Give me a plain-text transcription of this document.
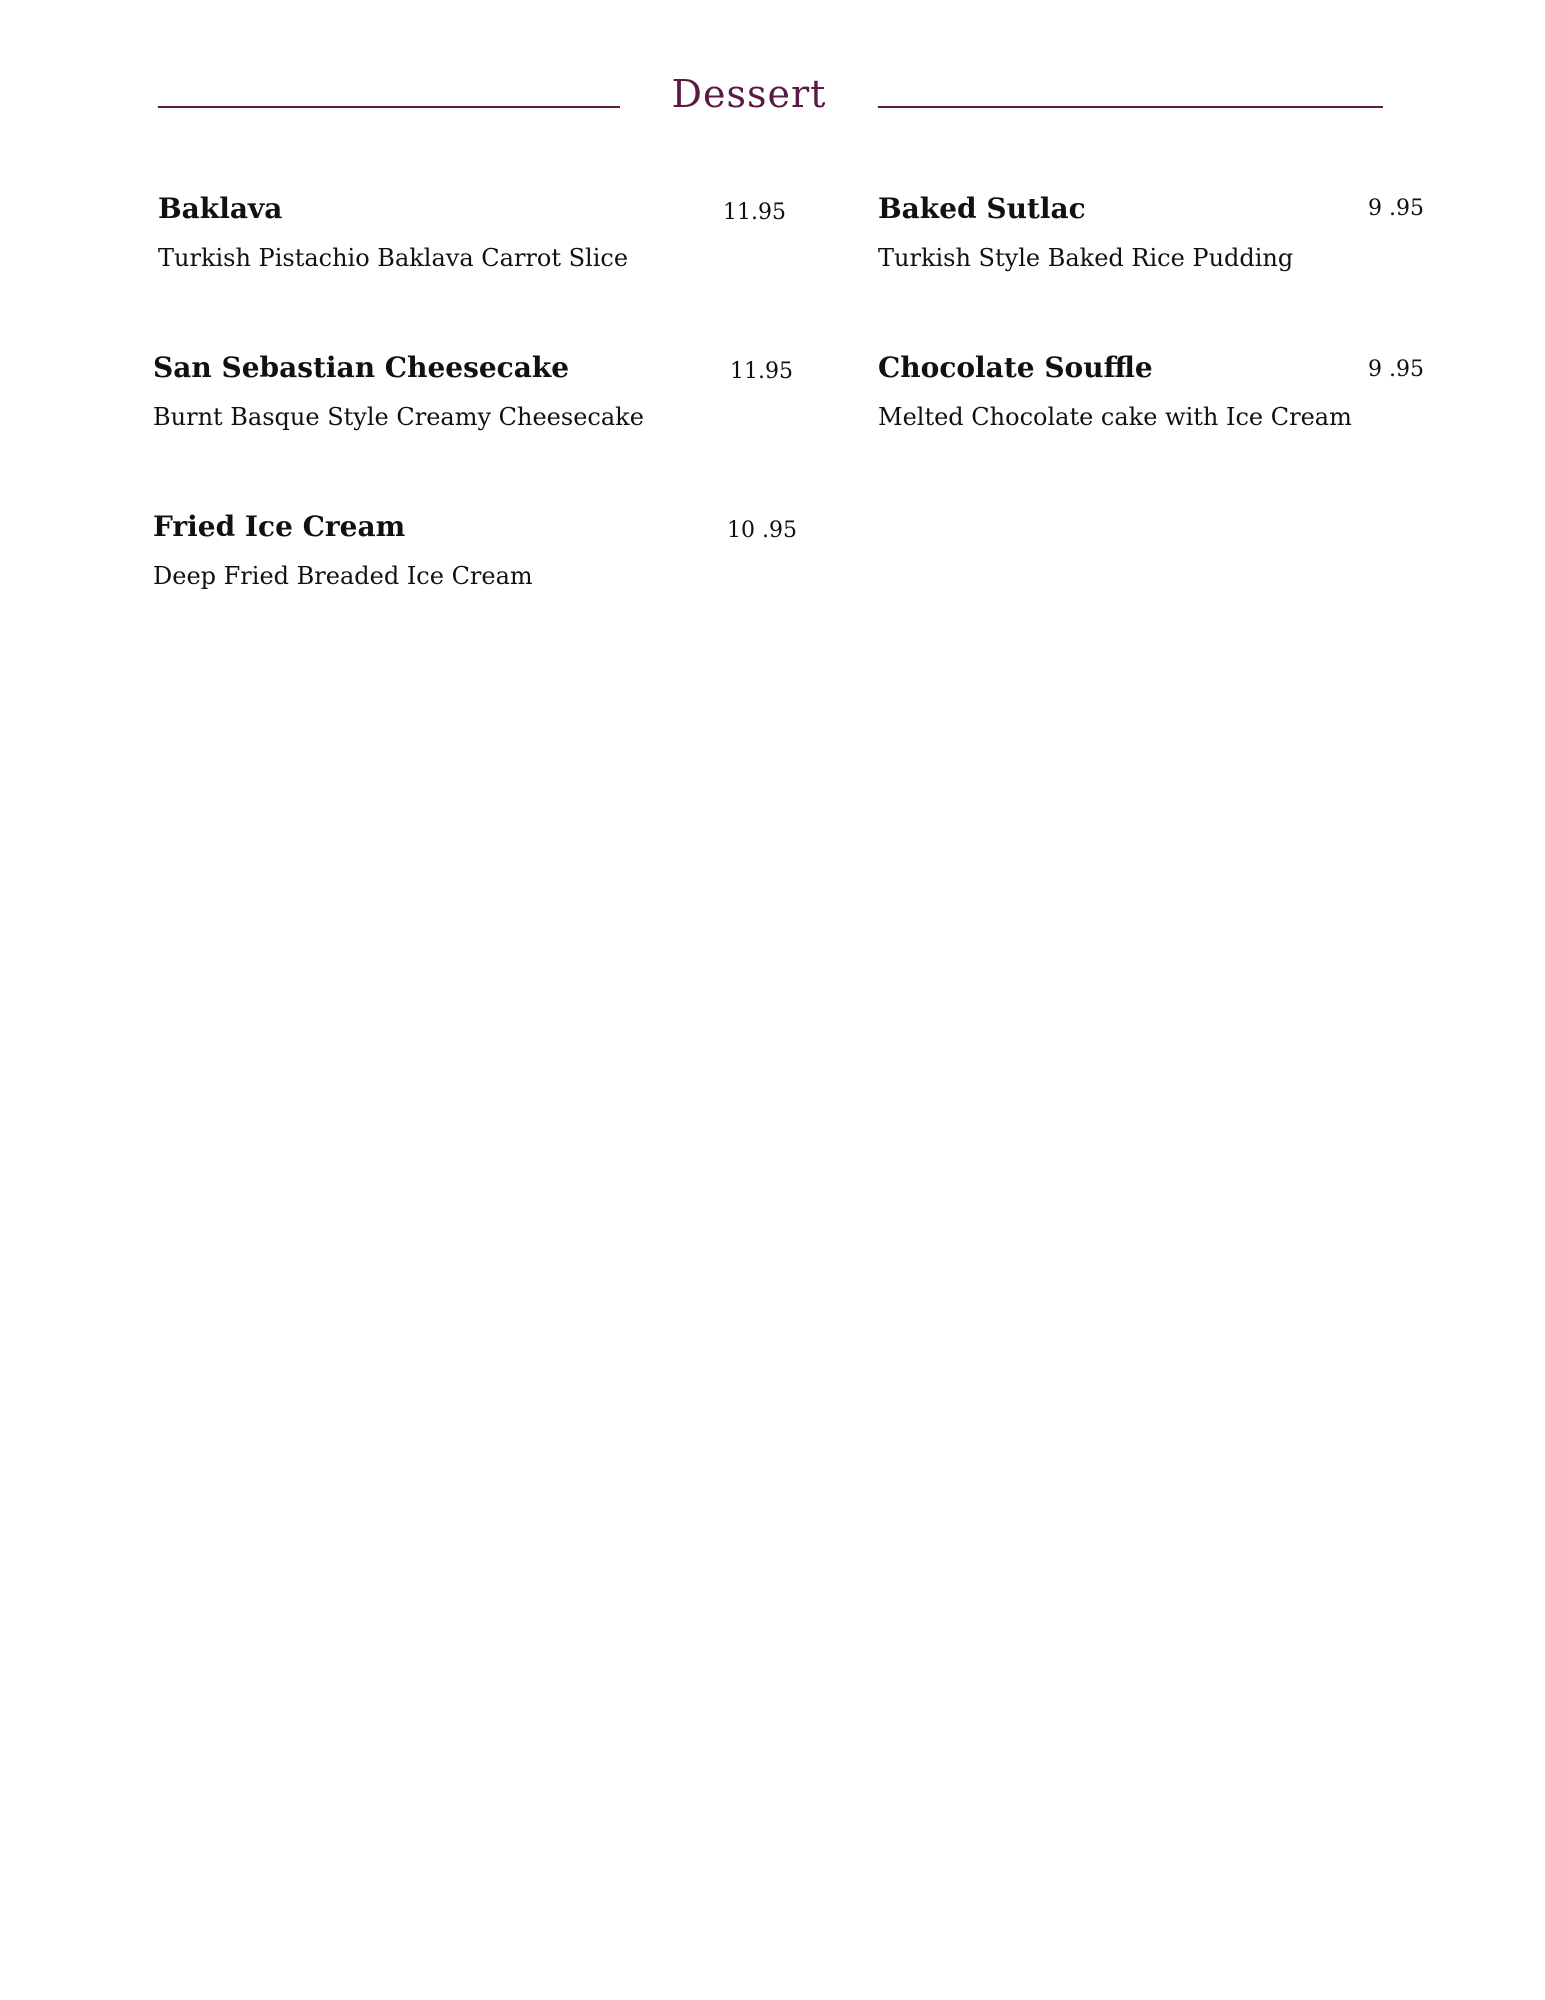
Dessert
Baklava	11.95
Turkish Pistachio Baklava Carrot Slice
Baked Sutlac	9 .95
Turkish Style Baked Rice Pudding
San Sebastian Cheesecake	11.95
Burnt Basque Style Creamy Cheesecake
Chocolate Souffle	9 .95
Melted Chocolate cake with Ice Cream
Fried Ice Cream	10 .95
Deep Fried Breaded Ice Cream
